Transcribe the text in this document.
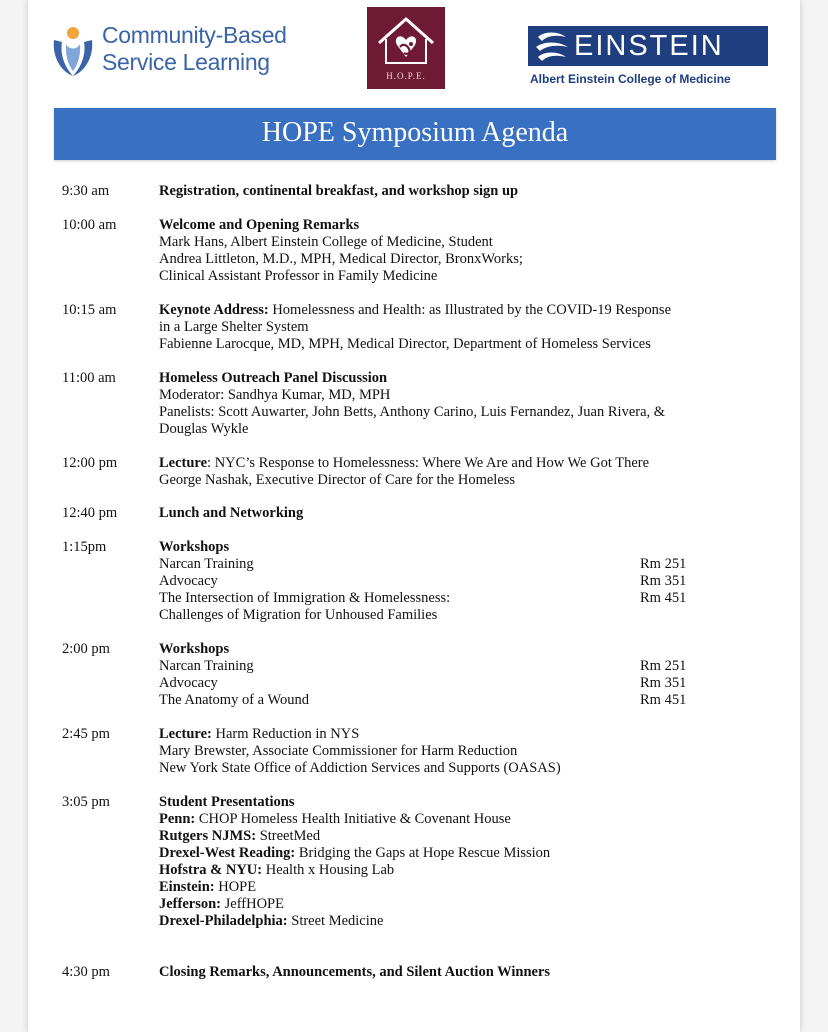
Community-Based
Service Learning
H.O.P.E.
EINSTEIN
Albert Einstein College of Medicine
HOPE Symposium Agenda
9:30 am	Registration, continental breakfast, and workshop sign up
10:00 am	Welcome and Opening Remarks
Mark Hans, Albert Einstein College of Medicine, Student
Andrea Littleton, M.D., MPH, Medical Director, BronxWorks;
Clinical Assistant Professor in Family Medicine
10:15 am	Keynote Address: Homelessness and Health: as Illustrated by the COVID-19 Response
in a Large Shelter System
Fabienne Larocque, MD, MPH, Medical Director, Department of Homeless Services
11:00 am	Homeless Outreach Panel Discussion
Moderator: Sandhya Kumar, MD, MPH
Panelists: Scott Auwarter, John Betts, Anthony Carino, Luis Fernandez, Juan Rivera, &
Douglas Wykle
12:00 pm	Lecture: NYC’s Response to Homelessness: Where We Are and How We Got There
George Nashak, Executive Director of Care for the Homeless
12:40 pm	Lunch and Networking
1:15pm	Workshops
Narcan Training	Rm 251
Advocacy	Rm 351
The Intersection of Immigration & Homelessness:	Rm 451
Challenges of Migration for Unhoused Families
2:00 pm	Workshops
Narcan Training	Rm 251
Advocacy	Rm 351
The Anatomy of a Wound	Rm 451
2:45 pm	Lecture: Harm Reduction in NYS
Mary Brewster, Associate Commissioner for Harm Reduction
New York State Office of Addiction Services and Supports (OASAS)
3:05 pm	Student Presentations
Penn: CHOP Homeless Health Initiative & Covenant House
Rutgers NJMS: StreetMed
Drexel-West Reading: Bridging the Gaps at Hope Rescue Mission
Hofstra & NYU: Health x Housing Lab
Einstein: HOPE
Jefferson: JeffHOPE
Drexel-Philadelphia: Street Medicine
4:30 pm	Closing Remarks, Announcements, and Silent Auction Winners
